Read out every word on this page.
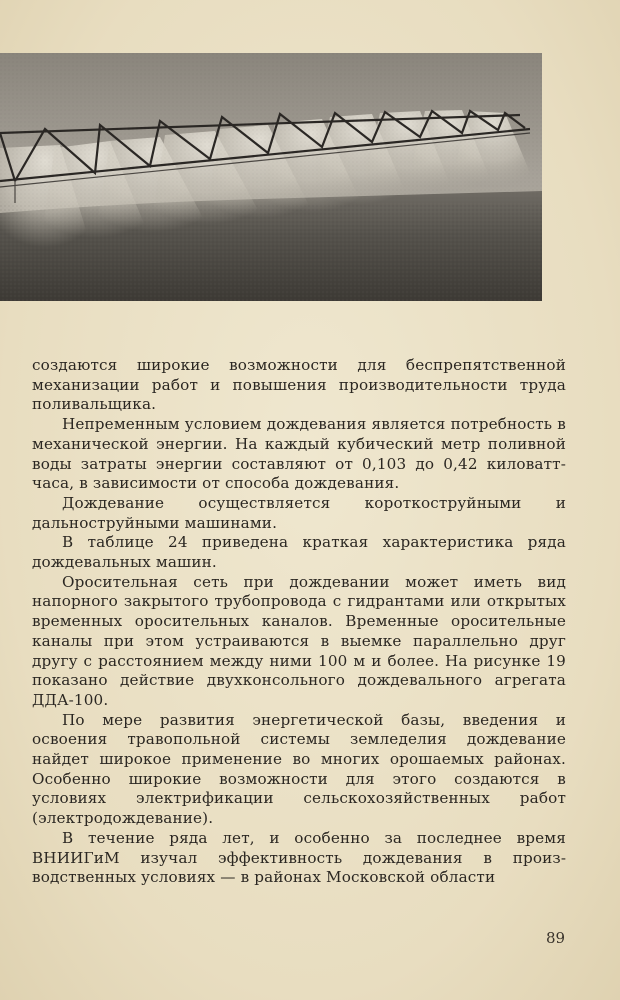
создаются широкие возможности для беспрепятственной механизации работ и повышения производительности труда поливальщика.

Непременным условием дождевания является потребность в механической энергии. На каждый кубический метр поливной воды затраты энергии составляют от 0,103 до 0,42 киловатт-часа, в зависимости от способа дождевания.

Дождевание осуществляется короткоструйными и дальноструйными машинами.

В таблице 24 приведена краткая характеристика ряда дождевальных машин.

Оросительная сеть при дождевании может иметь вид напорного закрытого трубопровода с гидрантами или открытых временных оросительных каналов. Временные оросительные каналы при этом устраиваются в выемке параллельно друг другу с расстоянием между ними 100 м и более. На рисунке 19 показано действие двухконсольного дождевального агрегата ДДА-100.

По мере развития энергетической базы, введения и освоения травопольной системы земледелия дождевание найдет широкое применение во многих орошаемых районах. Особенно широкие возможности для этого создаются в условиях электрификации сельскохозяйственных работ (электродождевание).

В течение ряда лет, и особенно за последнее время ВНИИГиМ изучал эффективность дождевания в производственных условиях — в районах Московской области

89
